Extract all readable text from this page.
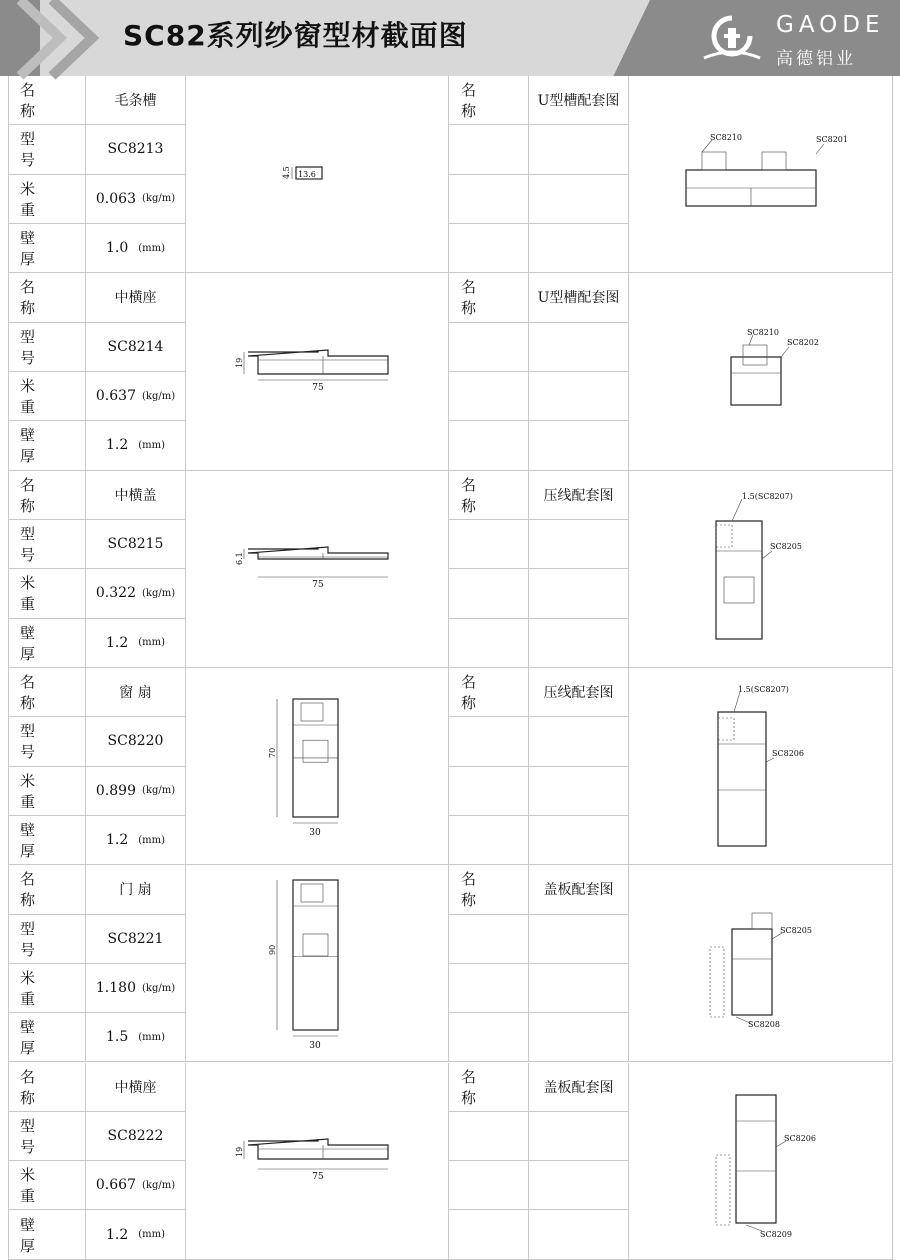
SC82系列纱窗型材截面图	GAODE
高德铝业
名 称
毛条槽
名 称
U型槽配套图
型 号
SC8213
米 重
0.063 (kg/m)
壁 厚
1.0 (mm)
名 称
中横座
名 称
U型槽配套图
型 号
SC8214
米 重
0.637 (kg/m)
壁 厚
1.2 (mm)
名 称
中横盖
名 称
压线配套图
型 号
SC8215
米 重
0.322 (kg/m)
壁 厚
1.2 (mm)
名 称
窗 扇
名 称
压线配套图
型 号
SC8220
米 重
0.899 (kg/m)
壁 厚
1.2 (mm)
名 称
门 扇
名 称
盖板配套图
型 号
SC8221
米 重
1.180 (kg/m)
壁 厚
1.5 (mm)
名 称
中横座
名 称
盖板配套图
型 号
SC8222
米 重
0.667 (kg/m)
壁 厚
1.2 (mm)
4.5 13.6
19
75
6.1
75
19
75
70
30
90
30
SC8210	SC8201
SC8210
SC8202
1.5(SC8207)
SC8205
1.5(SC8207)
SC8206
SC8205
SC8208
SC8206
SC8209
